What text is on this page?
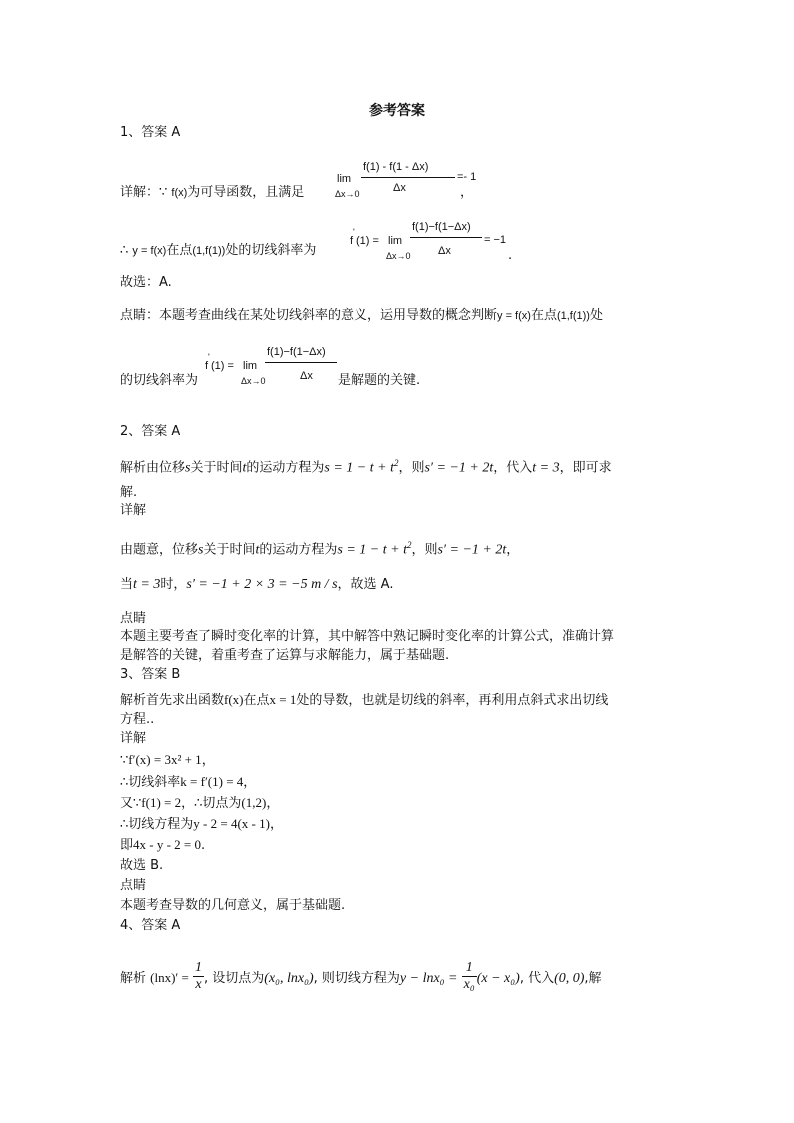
参考答案
1、答案 A
lim
Δx→0
f(1) - f(1 - Δx)
Δx
=- 1
详解：∵ f(x)为可导函数，且满足	，
∴ y = f(x)在点(1,f(1))处的切线斜率为
'
f (1) = lim
Δx→0
f(1)−f(1−Δx)
Δx
= −1
.
故选：A.
点睛：本题考查曲线在某处切线斜率的意义，运用导数的概念判断y = f(x)在点(1,f(1))处
的切线斜率为
'
f (1) = lim
Δx→0
f(1)−f(1−Δx)
Δx 是解题的关键.
2、答案 A
解析由位移s关于时间t的运动方程为$s = 1 - t + t^2$，则s′ = −1 + 2t，代入t = 3，即可求
解.
详解
由题意，位移s关于时间t的运动方程为$s = 1 - t + t^2$，则s′ = −1 + 2t，
当t = 3时，s′ = −1 + 2 × 3 = −5 m / s，故选 A.
点睛
本题主要考查了瞬时变化率的计算，其中解答中熟记瞬时变化率的计算公式，准确计算
是解答的关键，着重考查了运算与求解能力，属于基础题.
3、答案 B
解析首先求出函数f(x)在点x = 1处的导数，也就是切线的斜率，再利用点斜式求出切线
方程..
详解
∵f′(x) = 3x² + 1，
∴切线斜率k = f′(1) = 4，
又∵f(1) = 2，∴切点为(1,2)，
∴切线方程为y - 2 = 4(x - 1)，
即4x - y - 2 = 0.
故选 B.
点睛
本题考查导数的几何意义，属于基础题.
4、答案 A
解析 $(\ln x)' = \frac{1}{x}$ , 设切点为(x₀, lnx₀), 则切线方程为$y - \ln x_0 = \frac{1}{\text{x₀}} (x - x_0)$, 代入(0, 0),解
